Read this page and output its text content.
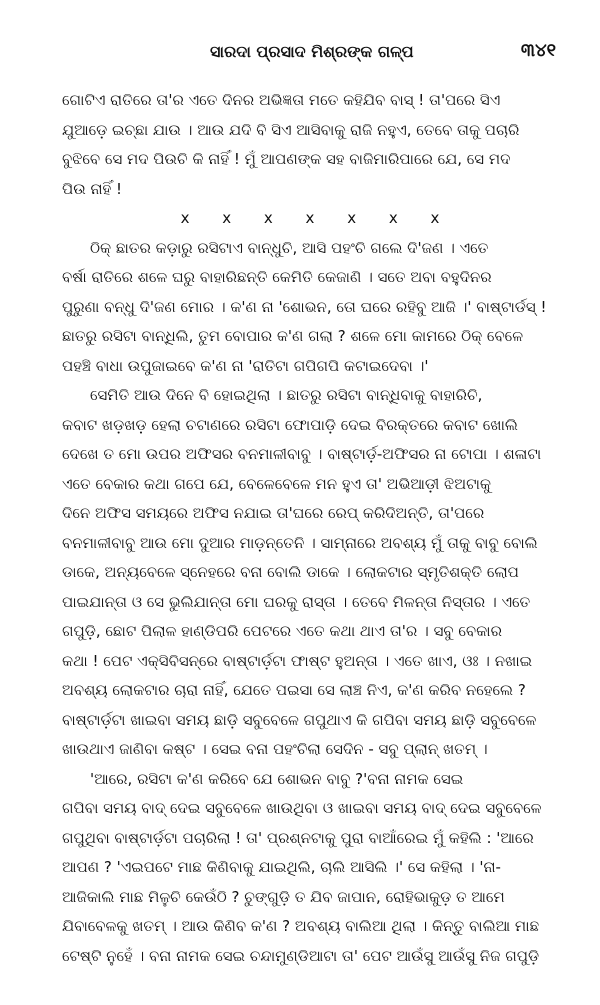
ସାରଦା ପ୍ରସାଦ ମିଶ୍ରଙ୍କ ଗଳ୍ପ	୩୪୧
ଗୋଟିଏ ରାତିରେ ତା'ର ଏତେ ଦିନର ଅଭିଜ୍ଞତା ମତେ କହିଯିବ ବାସ୍ ! ତା'ପରେ ସିଏ
ଯୁଆଡ଼େ ଇଚ୍ଛା ଯାଉ । ଆଉ ଯଦି ବି ସିଏ ଆସିବାକୁ ରାଜି ନହୁଏ, ତେବେ ତାକୁ ପଚାରି
ବୁଝିବେ ସେ ମଦ ପିଉଚି କି ନାହିଁ ! ମୁଁ ଆପଣଙ୍କ ସହ ବାଜିମାରିପାରେ ଯେ, ସେ ମଦ
ପିଉ ନାହିଁ !
x x x x x x x
ଠିକ୍ ଛାତର କଡ଼ାରୁ ରସିଟାଏ ବାନ୍ଧୁଚି, ଆସି ପହଂଚି ଗଲେ ଦି'ଜଣ । ଏତେ
ବର୍ଷା ରାତିରେ ଶଳେ ଘରୁ ବାହାରିଛନ୍ତି କେମିତି କେଜାଣି । ସତେ ଅବା ବହୁଦିନର
ପୁରୁଣା ବନ୍ଧୁ ଦି'ଜଣ ମୋର । କ'ଣ ନା 'ଶୋଭନ, ତୋ ଘରେ ରହିବୁ ଆଜି ।' ବାଷ୍ଟାର୍ଡସ୍ !
ଛାତରୁ ରସିଟା ବାନ୍ଧିଲି, ତୁମ ବୋପାର କ'ଣ ଗଲା ? ଶଳେ ମୋ କାମରେ ଠିକ୍ ବେଳେ
ପହଞ୍ଚି ବାଧା ଉପୁଜାଇବେ କ'ଣ ନା 'ରାତିଟା ଗପିଗପି କଟାଇଦେବା ।'
ସେମିତି ଆଉ ଦିନେ ବି ହୋଇଥିଲା । ଛାତରୁ ରସିଟା ବାନ୍ଧିବାକୁ ବାହାରିଚି,
କବାଟ ଖଡ଼ଖଡ଼ ହେଲା ଚଟାଣରେ ରସିଟା ଫୋପାଡ଼ି ଦେଇ ବିରକ୍ତରେ କବାଟ ଖୋଲି
ଦେଖେ ତ ମୋ ଉପର ଅଫିସର ବନମାଳୀବାବୁ । ବାଷ୍ଟାର୍ଡ଼-ଅଫିସର ନା ଟୋପା । ଶଳାଟା
ଏତେ ବେକାର କଥା ଗପେ ଯେ, ବେଳେବେଳେ ମନ ହୁଏ ତା' ଅଭିଆଡ଼ୀ ଝିଅଟାକୁ
ଦିନେ ଅଫିସ ସମୟରେ ଅଫିସ ନଯାଇ ତା'ଘରେ ରେପ୍ କରିଦିଅନ୍ତି, ତା'ପରେ
ବନମାଳୀବାବୁ ଆଉ ମୋ ଦୁଆର ମାଡ଼ନ୍ତେନି । ସାମ୍ନାରେ ଅବଶ୍ୟ ମୁଁ ତାକୁ ବାବୁ ବୋଲି
ଡାକେ, ଅନ୍ୟବେଳେ ସ୍ନେହରେ ବନା ବୋଲି ଡାକେ । ଲୋକଟାର ସ୍ମୃତିଶକ୍ତି ଲୋପ
ପାଇଯାନ୍ତା ଓ ସେ ଭୁଲିଯାନ୍ତା ମୋ ଘରକୁ ରାସ୍ତା । ତେବେ ମିଳନ୍ତା ନିସ୍ତାର । ଏତେ
ଗପୁଡ଼ି, ଛୋଟ ପିଲାଳ ହାଣ୍ଡିପରି ପେଟରେ ଏତେ କଥା ଥାଏ ତା'ର । ସବୁ ବେକାର
କଥା ! ପେଟ ଏକ୍ସିବିସନ୍‌ରେ ବାଷ୍ଟାର୍ଡ଼ଟା ଫାଷ୍ଟ ହୁଅନ୍ତା । ଏତେ ଖାଏ, ଓଃ । ନଖାଇ
ଅବଶ୍ୟ ଲୋକଟାର ଚାରା ନାହିଁ, ଯେତେ ପଇସା ସେ ଲାଞ୍ଚ ନିଏ, କ'ଣ କରିବ ନହେଲେ ?
ବାଷ୍ଟାର୍ଡ଼ଟା ଖାଇବା ସମୟ ଛାଡ଼ି ସବୁବେଳେ ଗପୁଥାଏ କି ଗପିବା ସମୟ ଛାଡ଼ି ସବୁବେଳେ
ଖାଉଥାଏ ଜାଣିବା କଷ୍ଟ । ସେଇ ବନା ପହଂଚିଲା ସେଦିନ - ସବୁ ପ୍ଲାନ୍ ଖତମ୍ ।
'ଆରେ, ରସିଟା କ'ଣ କରିବେ ଯେ ଶୋଭନ ବାବୁ ?'ବନା ନାମକ ସେଇ
ଗପିବା ସମୟ ବାଦ୍ ଦେଇ ସବୁବେଳେ ଖାଉଥିବା ଓ ଖାଇବା ସମୟ ବାଦ୍ ଦେଇ ସବୁବେଳେ
ଗପୁଥିବା ବାଷ୍ଟାର୍ଡ଼ଟା ପଚାରିଲା ! ତା' ପ୍ରଶ୍ନଟାକୁ ପୁରା ବାଆଁରେଇ ମୁଁ କହିଲି : 'ଆରେ
ଆପଣ ? 'ଏଇପଟେ ମାଛ କିଣିବାକୁ ଯାଇଥିଲି, ଚାଲି ଆସିଲି ।' ସେ କହିଲା । 'ନା-
ଆଜିକାଲି ମାଛ ମିଳୁଚି କେଉଁଠି ? ଚୁଙ୍ଗୁଡ଼ି ତ ଯିବ ଜାପାନ, ରୋହିଭାକୁଡ଼ ତ ଆମେ
ଯିବାବେଳକୁ ଖତମ୍ । ଆଉ କିଣିବ କ'ଣ ? ଅବଶ୍ୟ ବାଲିଆ ଥିଲା । କିନ୍ତୁ ବାଲିଆ ମାଛ
ଟେଷ୍ଟି ନୁହେଁ । ବନା ନାମକ ସେଇ ଚନ୍ଦାମୁଣ୍ଡିଆଟା ତା' ପେଟ ଆଉଁସୁ ଆଉଁସୁ ନିଜ ଗପୁଡ଼ି
